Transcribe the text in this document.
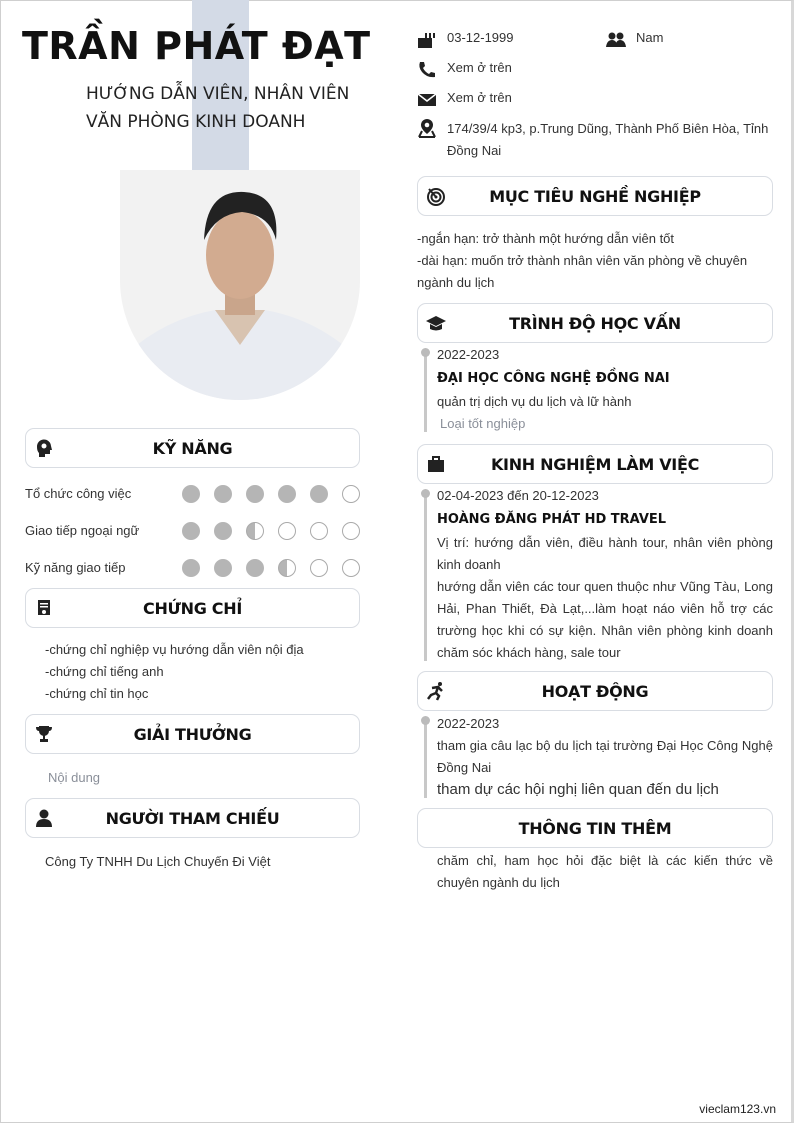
TRẦN PHÁT ĐẠT
HƯỚNG DẪN VIÊN, NHÂN VIÊN VĂN PHÒNG KINH DOANH
03-12-1999	Nam
Xem ở trên
Xem ở trên
174/39/4 kp3, p.Trung Dũng, Thành Phố Biên Hòa, Tỉnh Đồng Nai
KỸ NĂNG
Tổ chức công việc
Giao tiếp ngoại ngữ
Kỹ năng giao tiếp
CHỨNG CHỈ
-chứng chỉ nghiệp vụ hướng dẫn viên nội địa
-chứng chỉ tiếng anh
-chứng chỉ tin học
GIẢI THƯỞNG
Nội dung
NGƯỜI THAM CHIẾU
Công Ty TNHH Du Lịch Chuyến Đi Việt
MỤC TIÊU NGHỀ NGHIỆP
-ngắn hạn: trở thành một hướng dẫn viên tốt
-dài hạn: muốn trở thành nhân viên văn phòng về chuyên ngành du lịch
TRÌNH ĐỘ HỌC VẤN
2022-2023
ĐẠI HỌC CÔNG NGHỆ ĐỒNG NAI
quản trị dịch vụ du lịch và lữ hành
Loại tốt nghiệp
KINH NGHIỆM LÀM VIỆC
02-04-2023 đến 20-12-2023
HOÀNG ĐĂNG PHÁT HD TRAVEL
Vị trí: hướng dẫn viên, điều hành tour, nhân viên phòng kinh doanh
hướng dẫn viên các tour quen thuộc như Vũng Tàu, Long Hải, Phan Thiết, Đà Lạt,...làm hoạt náo viên hỗ trợ các trường học khi có sự kiện. Nhân viên phòng kinh doanh chăm sóc khách hàng, sale tour
HOẠT ĐỘNG
2022-2023
tham gia câu lạc bộ du lịch tại trường Đại Học Công Nghệ Đồng Nai
tham dự các hội nghị liên quan đến du lịch
THÔNG TIN THÊM
chăm chỉ, ham học hỏi đặc biệt là các kiến thức về chuyên ngành du lịch
vieclam123.vn
